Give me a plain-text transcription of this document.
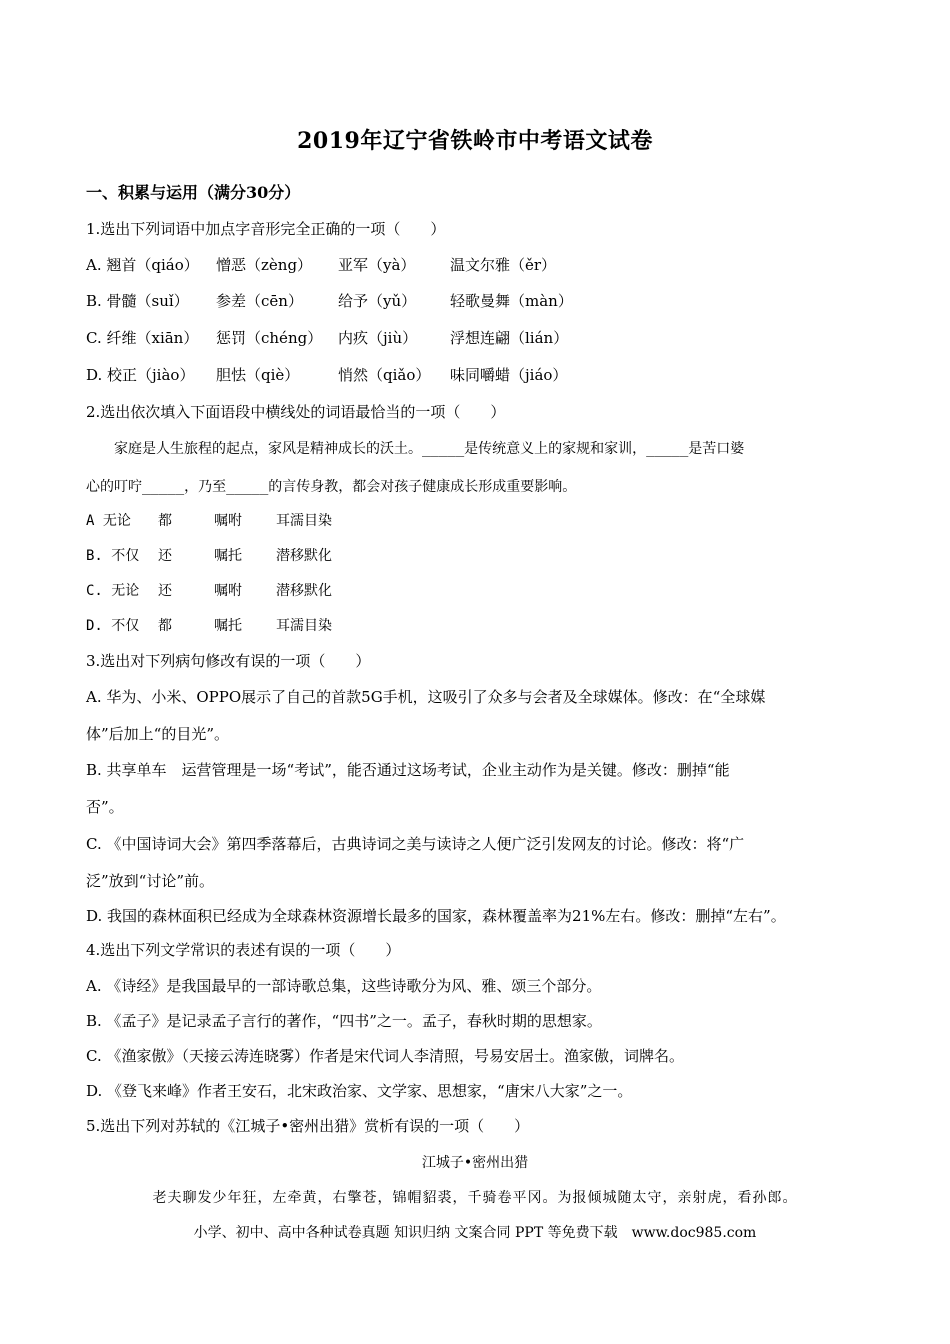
2019年辽宁省铁岭市中考语文试卷
一、积累与运用（满分30分）
1.选出下列词语中加点字音形完全正确的一项（　　）
A. 翘首（qiáo） 憎恶（zèng） 亚军（yà） 温文尔雅（ěr）
B. 骨髓（suǐ） 参差（cēn） 给予（yǔ） 轻歌曼舞（màn）
C. 纤维（xiān） 惩罚（chéng） 内疚（jiù） 浮想连翩（lián）
D. 校正（jiào） 胆怯（qiè）	悄然（qiǎo） 味同嚼蜡（jiáo）
2.选出依次填入下面语段中横线处的词语最恰当的一项（　　）
　　家庭是人生旅程的起点，家风是精神成长的沃土。_____是传统意义上的家规和家训，_____是苦口婆
心的叮咛_____，乃至_____的言传身教，都会对孩子健康成长形成重要影响。
A 无论 都	嘱咐 耳濡目染
B. 不仅 还	嘱托 潜移默化
C. 无论 还	嘱咐 潜移默化
D. 不仅 都	嘱托 耳濡目染
3.选出对下列病句修改有误的一项（　　）
A. 华为、小米、OPPO展示了自己的首款5G手机，这吸引了众多与会者及全球媒体。修改：在“全球媒
体”后加上“的目光”。
B. 共享单车　运营管理是一场“考试”，能否通过这场考试，企业主动作为是关键。修改：删掉“能
否”。
C. 《中国诗词大会》第四季落幕后，古典诗词之美与读诗之人便广泛引发网友的讨论。修改：将“广
泛”放到“讨论”前。
D. 我国的森林面积已经成为全球森林资源增长最多的国家，森林覆盖率为21%左右。修改：删掉“左右”。
4.选出下列文学常识的表述有误的一项（　　）
A. 《诗经》是我国最早的一部诗歌总集，这些诗歌分为风、雅、颂三个部分。
B. 《孟子》是记录孟子言行的著作，“四书”之一。孟子，春秋时期的思想家。
C. 《渔家傲》（天接云涛连晓雾）作者是宋代词人李清照，号易安居士。渔家傲，词牌名。
D. 《登飞来峰》作者王安石，北宋政治家、文学家、思想家，“唐宋八大家”之一。
5.选出下列对苏轼的《江城子•密州出猎》赏析有误的一项（　　）
江城子•密州出猎
老夫聊发少年狂，左牵黄，右擎苍，锦帽貂裘，千骑卷平冈。为报倾城随太守，亲射虎，看孙郎。
小学、初中、高中各种试卷真题 知识归纳 文案合同 PPT 等免费下载　www.doc985.com
